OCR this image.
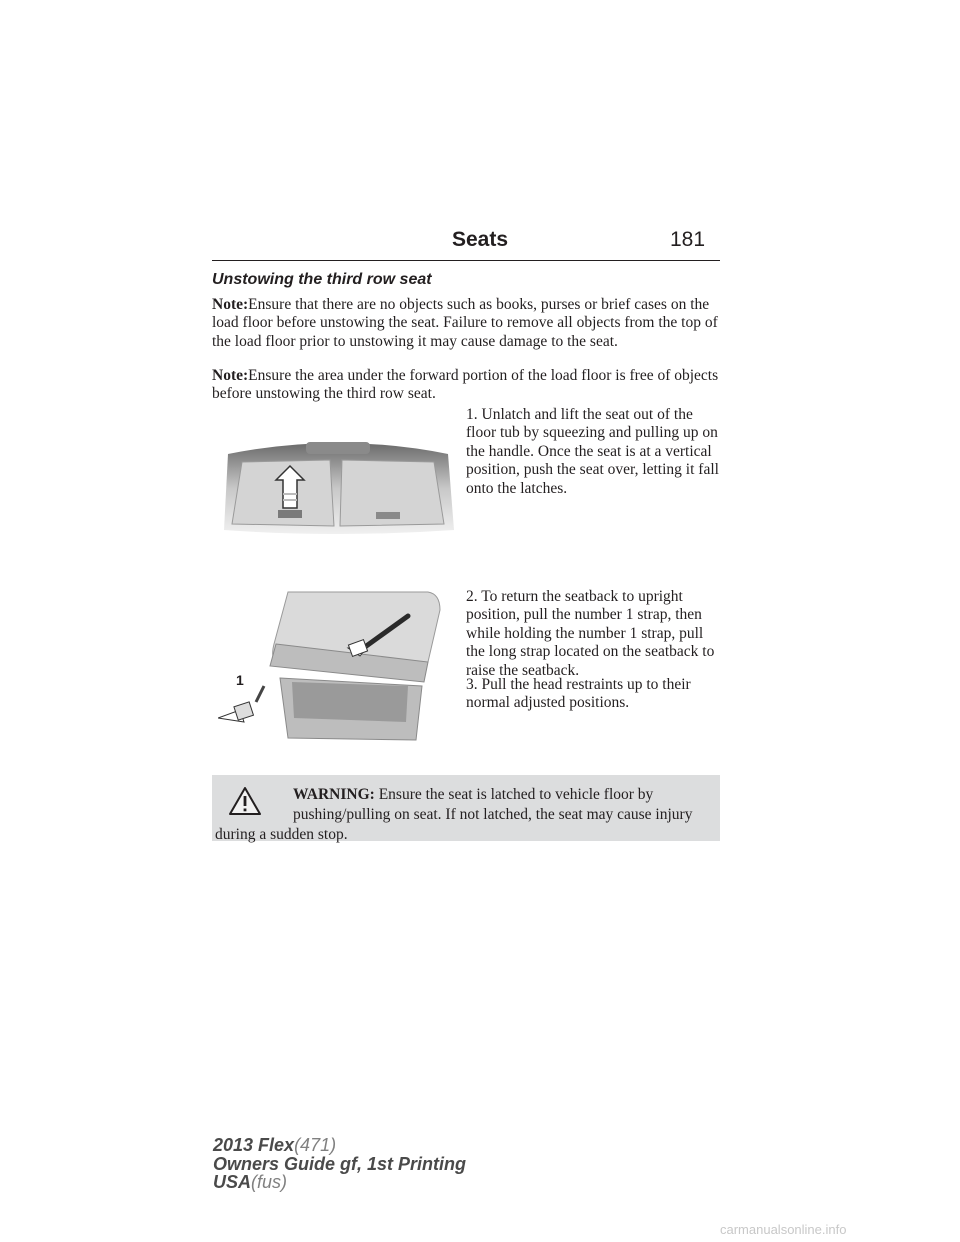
Seats	181
Unstowing the third row seat

Note:Ensure that there are no objects such as books, purses or brief cases on the load floor before unstowing the seat. Failure to remove all objects from the top of the load floor prior to unstowing it may cause damage to the seat.

Note:Ensure the area under the forward portion of the load floor is free of objects before unstowing the third row seat.

1. Unlatch and lift the seat out of the floor tub by squeezing and pulling up on the handle. Once the seat is at a vertical position, push the seat over, letting it fall onto the latches.
1
2. To return the seatback to upright position, pull the number 1 strap, then while holding the number 1 strap, pull the long strap located on the seatback to raise the seatback.
3. Pull the head restraints up to their normal adjusted positions.
WARNING: Ensure the seat is latched to vehicle floor by
pushing/pulling on seat. If not latched, the seat may cause injury
during a sudden stop.
2013 Flex(471)
Owners Guide gf, 1st Printing
USA(fus)
carmanualsonline.info
